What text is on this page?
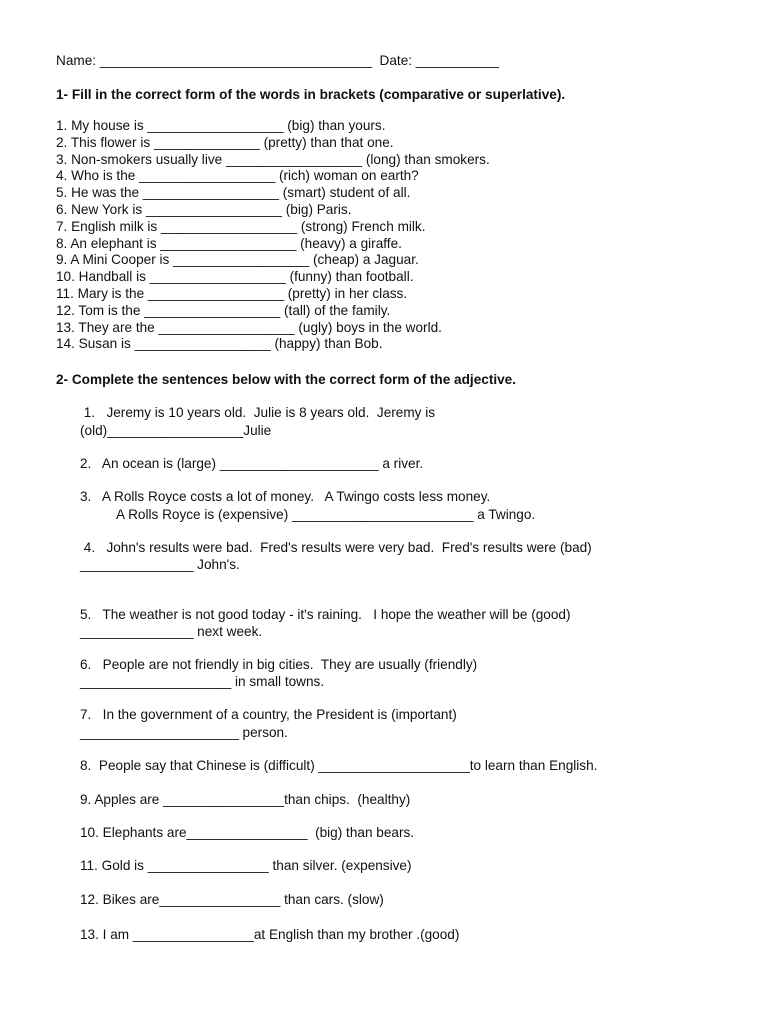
Name: ____________________________________  Date: ___________

1- Fill in the correct form of the words in brackets (comparative or superlative).

1. My house is __________________ (big) than yours.
2. This flower is ______________ (pretty) than that one.
3. Non-smokers usually live __________________ (long) than smokers.
4. Who is the __________________ (rich) woman on earth?
5. He was the __________________ (smart) student of all.
6. New York is __________________ (big) Paris.
7. English milk is __________________ (strong) French milk.
8. An elephant is __________________ (heavy) a giraffe.
9. A Mini Cooper is __________________ (cheap) a Jaguar.
10. Handball is __________________ (funny) than football.
11. Mary is the __________________ (pretty) in her class.
12. Tom is the __________________ (tall) of the family.
13. They are the __________________ (ugly) boys in the world.
14. Susan is __________________ (happy) than Bob.

2- Complete the sentences below with the correct form of the adjective.

1.   Jeremy is 10 years old.  Julie is 8 years old.  Jeremy is

(old)__________________Julie

2.   An ocean is (large) _____________________ a river.

3.   A Rolls Royce costs a lot of money.   A Twingo costs less money.

A Rolls Royce is (expensive) ________________________ a Twingo.

4.   John's results were bad.  Fred's results were very bad.  Fred's results were (bad)

_______________ John's.

5.   The weather is not good today - it's raining.   I hope the weather will be (good)

_______________ next week.

6.   People are not friendly in big cities.  They are usually (friendly)

____________________ in small towns.

7.   In the government of a country, the President is (important)

_____________________ person.

8.  People say that Chinese is (difficult) ____________________to learn than English.

9. Apples are ________________than chips.  (healthy)

10. Elephants are________________  (big) than bears.

11. Gold is ________________ than silver. (expensive)

12. Bikes are________________ than cars. (slow)

13. I am ________________at English than my brother .(good)
